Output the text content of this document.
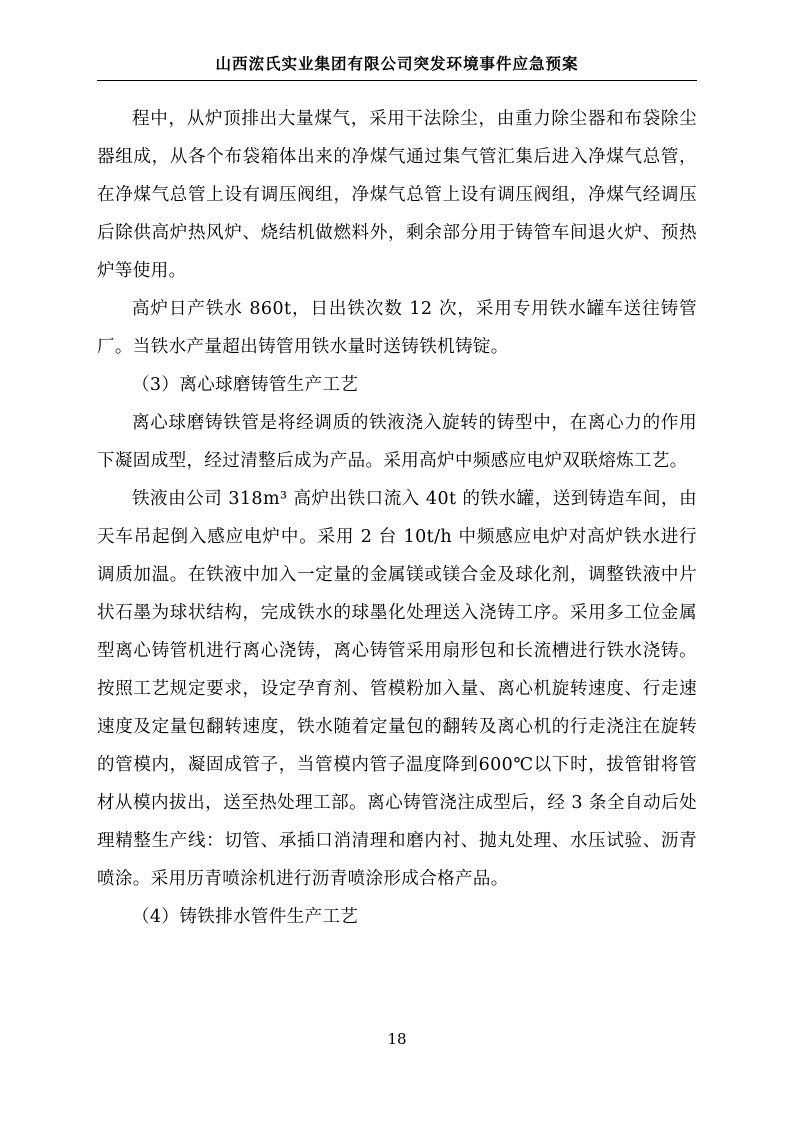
山西浤氏实业集团有限公司突发环境事件应急预案

程中，从炉顶排出大量煤气，采用干法除尘，由重力除尘器和布袋除尘器组成，从各个布袋箱体出来的净煤气通过集气管汇集后进入净煤气总管，在净煤气总管上设有调压阀组，净煤气总管上设有调压阀组，净煤气经调压后除供高炉热风炉、烧结机做燃料外，剩余部分用于铸管车间退火炉、预热炉等使用。

高炉日产铁水 860t，日出铁次数 12 次，采用专用铁水罐车送往铸管厂。当铁水产量超出铸管用铁水量时送铸铁机铸锭。

（3）离心球磨铸管生产工艺

离心球磨铸铁管是将经调质的铁液浇入旋转的铸型中，在离心力的作用下凝固成型，经过清整后成为产品。采用高炉中频感应电炉双联熔炼工艺。

铁液由公司 318m³ 高炉出铁口流入 40t 的铁水罐，送到铸造车间，由天车吊起倒入感应电炉中。采用 2 台 10t/h 中频感应电炉对高炉铁水进行调质加温。在铁液中加入一定量的金属镁或镁合金及球化剂，调整铁液中片状石墨为球状结构，完成铁水的球墨化处理送入浇铸工序。采用多工位金属型离心铸管机进行离心浇铸，离心铸管采用扇形包和长流槽进行铁水浇铸。按照工艺规定要求，设定孕育剂、管模粉加入量、离心机旋转速度、行走速速度及定量包翻转速度，铁水随着定量包的翻转及离心机的行走浇注在旋转的管模内，凝固成管子，当管模内管子温度降到600℃以下时，拔管钳将管材从模内拔出，送至热处理工部。离心铸管浇注成型后，经 3 条全自动后处理精整生产线：切管、承插口消清理和磨内衬、抛丸处理、水压试验、沥青喷涂。采用历青喷涂机进行沥青喷涂形成合格产品。

（4）铸铁排水管件生产工艺

18
